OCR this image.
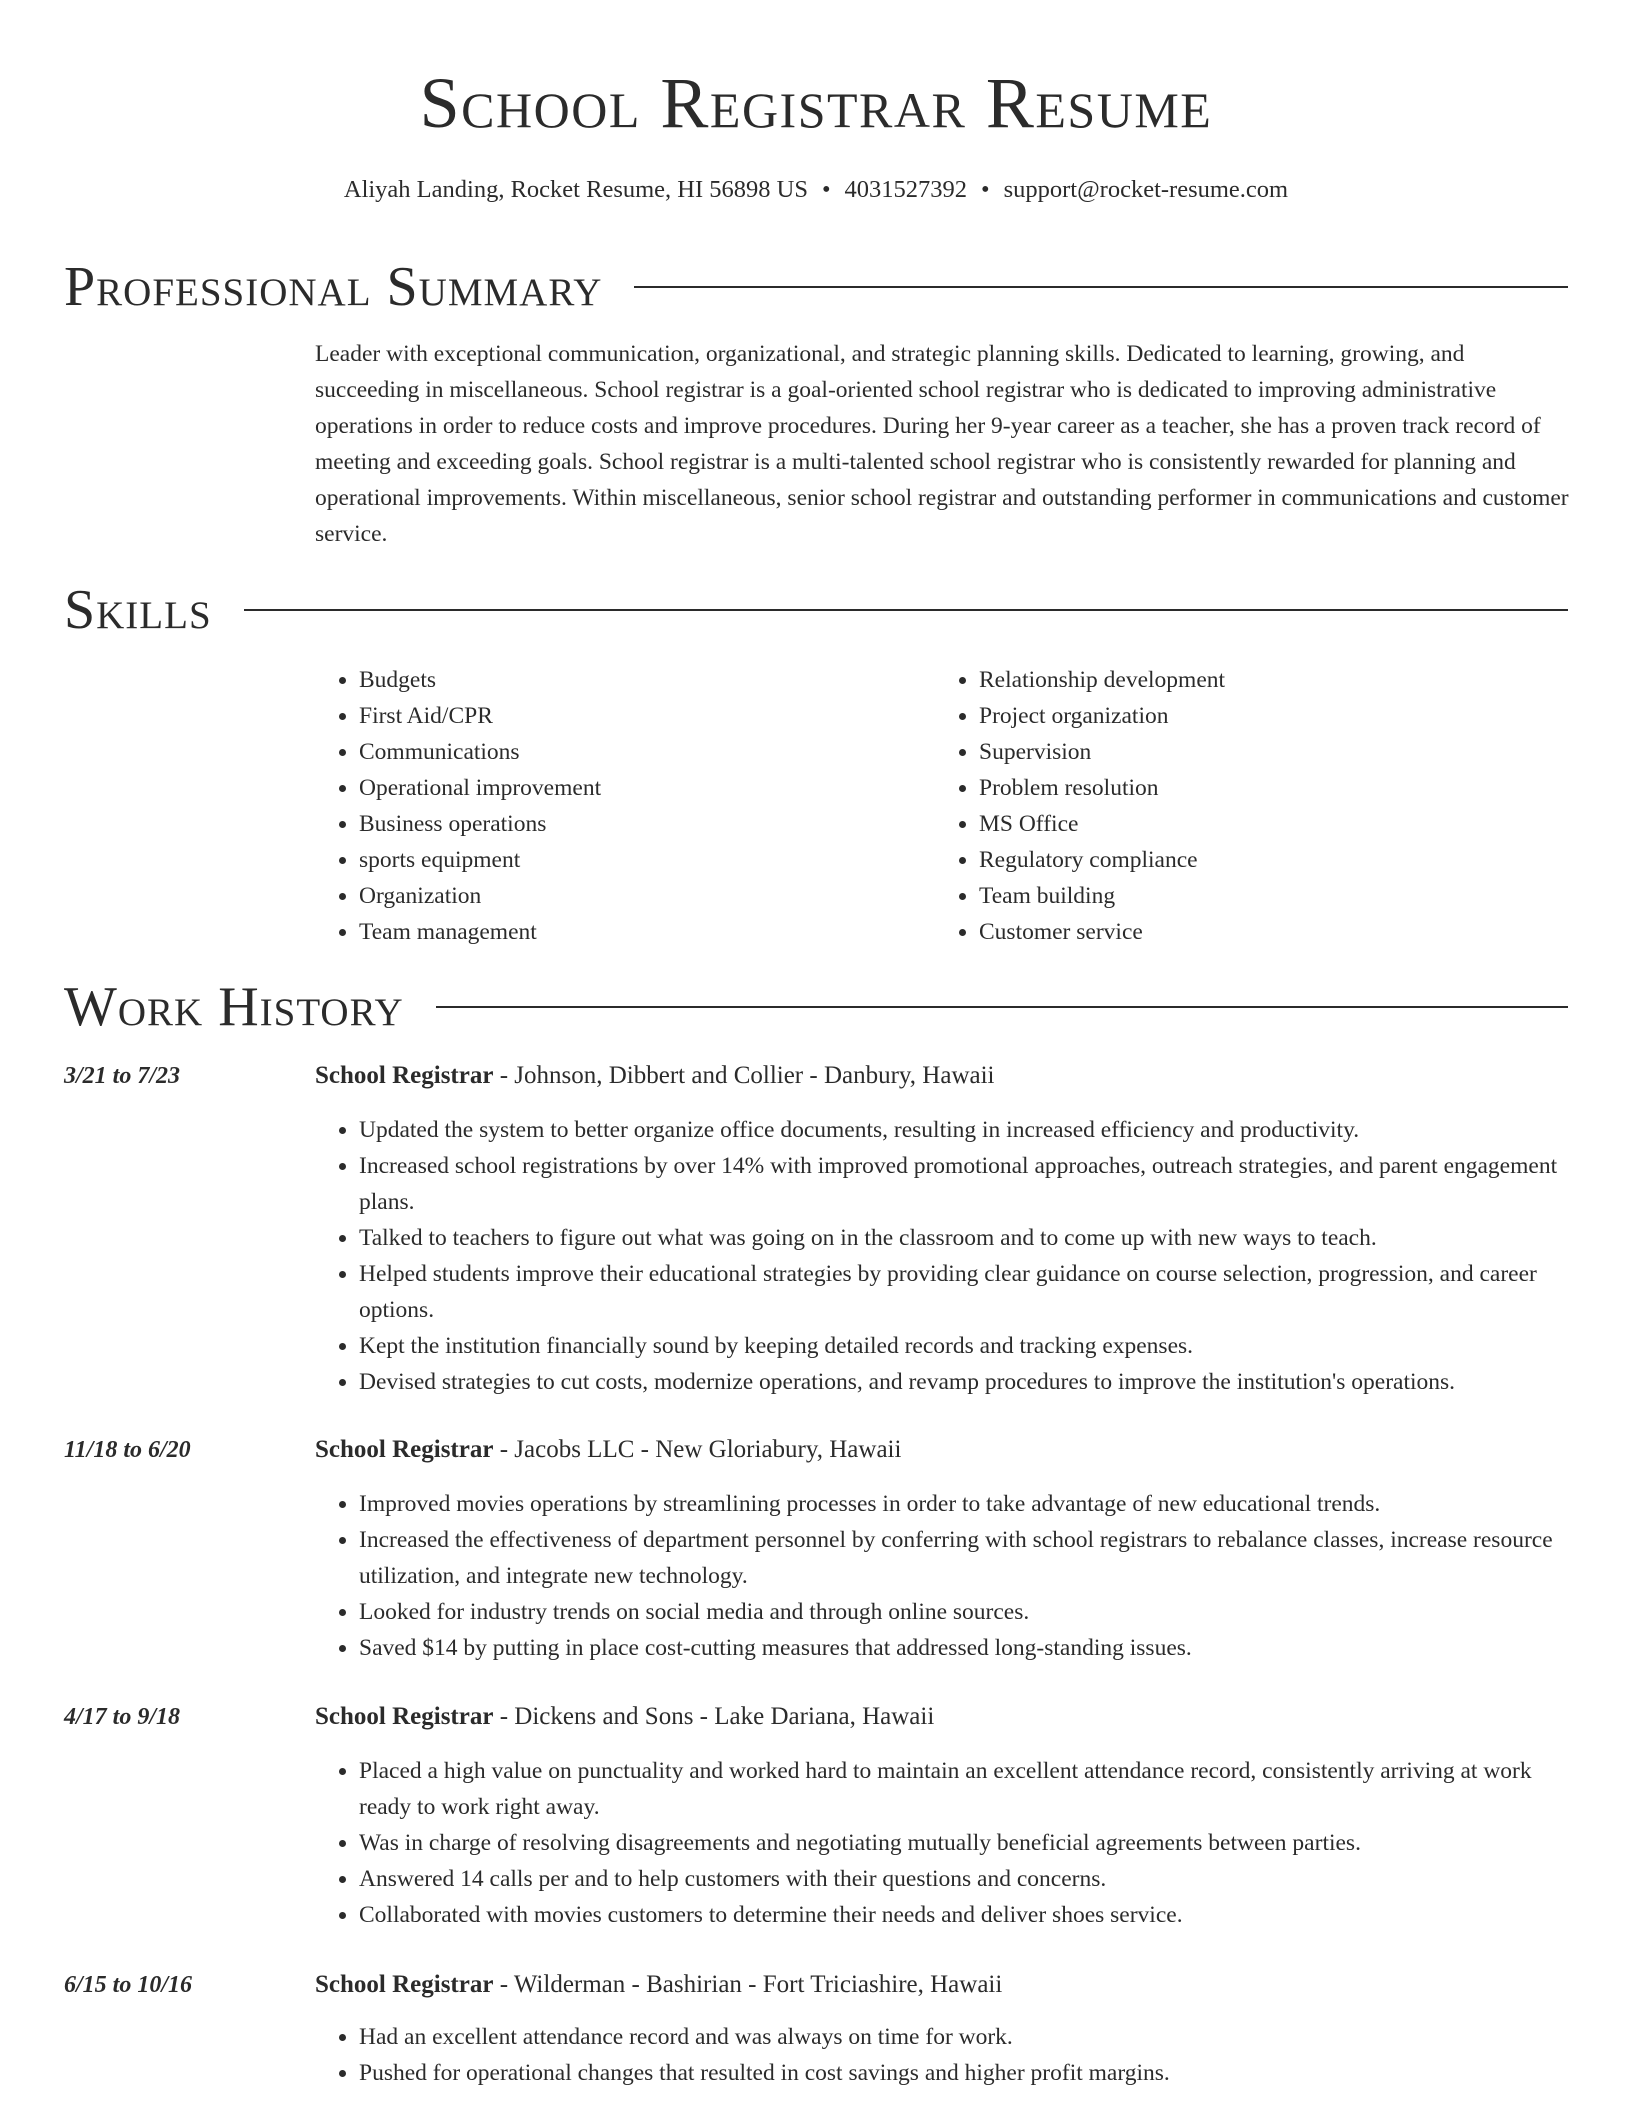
School Registrar Resume
Aliyah Landing, Rocket Resume, HI 56898 US • 4031527392 • support@rocket-resume.com
Professional Summary

Leader with exceptional communication, organizational, and strategic planning skills. Dedicated to learning, growing, and succeeding in miscellaneous. School registrar is a goal-oriented school registrar who is dedicated to improving administrative operations in order to reduce costs and improve procedures. During her 9-year career as a teacher, she has a proven track record of meeting and exceeding goals. School registrar is a multi-talented school registrar who is consistently rewarded for planning and operational improvements. Within miscellaneous, senior school registrar and outstanding performer in communications and customer service.

Skills
• Budgets
• First Aid/CPR
• Communications
• Operational improvement
• Business operations
• sports equipment
• Organization
• Team management
• Relationship development
• Project organization
• Supervision
• Problem resolution
• MS Office
• Regulatory compliance
• Team building
• Customer service
Work History
3/21 to 7/23	School Registrar - Johnson, Dibbert and Collier - Danbury, Hawaii
• Updated the system to better organize office documents, resulting in increased efficiency and productivity.
• Increased school registrations by over 14% with improved promotional approaches, outreach strategies, and parent engagement plans.
• Talked to teachers to figure out what was going on in the classroom and to come up with new ways to teach.
• Helped students improve their educational strategies by providing clear guidance on course selection, progression, and career options.
• Kept the institution financially sound by keeping detailed records and tracking expenses.
• Devised strategies to cut costs, modernize operations, and revamp procedures to improve the institution's operations.
11/18 to 6/20	School Registrar - Jacobs LLC - New Gloriabury, Hawaii
• Improved movies operations by streamlining processes in order to take advantage of new educational trends.
• Increased the effectiveness of department personnel by conferring with school registrars to rebalance classes, increase resource utilization, and integrate new technology.
• Looked for industry trends on social media and through online sources.
• Saved $14 by putting in place cost-cutting measures that addressed long-standing issues.
4/17 to 9/18	School Registrar - Dickens and Sons - Lake Dariana, Hawaii
• Placed a high value on punctuality and worked hard to maintain an excellent attendance record, consistently arriving at work ready to work right away.
• Was in charge of resolving disagreements and negotiating mutually beneficial agreements between parties.
• Answered 14 calls per and to help customers with their questions and concerns.
• Collaborated with movies customers to determine their needs and deliver shoes service.
6/15 to 10/16	School Registrar - Wilderman - Bashirian - Fort Triciashire, Hawaii
• Had an excellent attendance record and was always on time for work.
• Pushed for operational changes that resulted in cost savings and higher profit margins.
